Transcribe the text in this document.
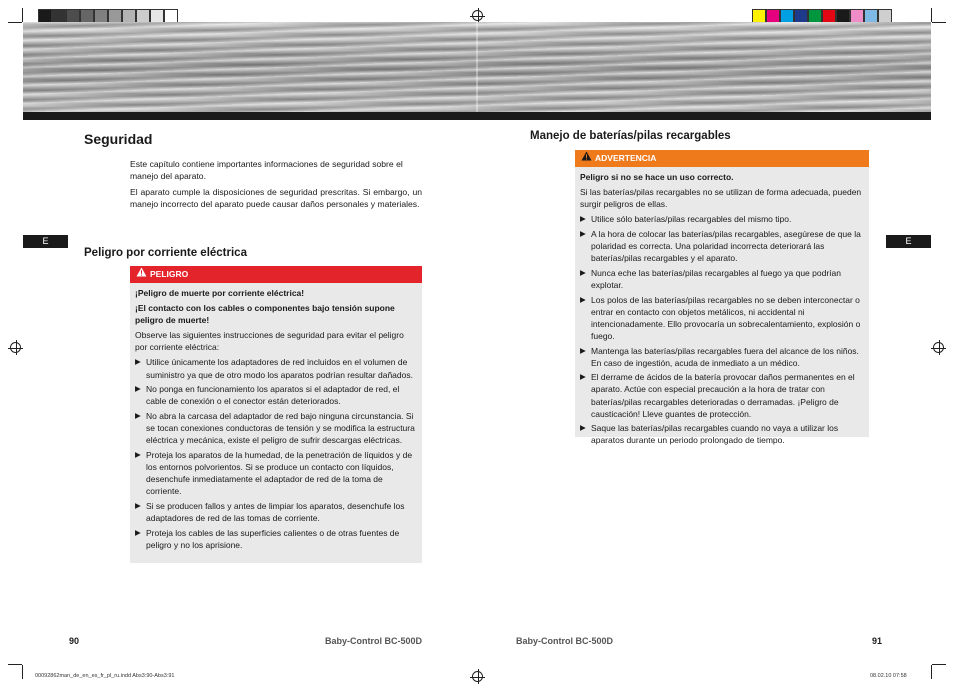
Seguridad

Este capítulo contiene importantes informaciones de seguridad sobre el manejo del aparato.

El aparato cumple la disposiciones de seguridad prescritas. Si embargo, un manejo incorrecto del aparato puede causar daños personales y materiales.

E
Peligro por corriente eléctrica
PELIGRO

¡Peligro de muerte por corriente eléctrica!

¡El contacto con los cables o componentes bajo tensión supone peligro de muerte!

Observe las siguientes instrucciones de seguridad para evitar el peligro por corriente eléctrica:

▶ Utilice únicamente los adaptadores de red incluidos en el volumen de suministro ya que de otro modo los aparatos podrían resultar dañados.
▶ No ponga en funcionamiento los aparatos si el adaptador de red, el cable de conexión o el conector están deteriorados.
▶ No abra la carcasa del adaptador de red bajo ninguna circunstancia. Si se tocan conexiones conductoras de tensión y se modifica la estructura eléctrica y mecánica, existe el peligro de sufrir descargas eléctricas.
▶ Proteja los aparatos de la humedad, de la penetración de líquidos y de los entornos polvorientos. Si se produce un contacto con líquidos, desenchufe inmediatamente el adaptador de red de la toma de corriente.
▶ Si se producen fallos y antes de limpiar los aparatos, desenchufe los adaptadores de red de las tomas de corriente.
▶ Proteja los cables de las superficies calientes o de otras fuentes de peligro y no los aprisione.
90	Baby-Control BC-500D
Manejo de baterías/pilas recargables
E
ADVERTENCIA

Peligro si no se hace un uso correcto.

Si las baterías/pilas recargables no se utilizan de forma adecuada, pueden surgir peligros de ellas.

▶ Utilice sólo baterías/pilas recargables del mismo tipo.
▶ A la hora de colocar las baterías/pilas recargables, asegúrese de que la polaridad es correcta. Una polaridad incorrecta deteriorará las baterías/pilas recargables y el aparato.
▶ Nunca eche las baterías/pilas recargables al fuego ya que podrían explotar.
▶ Los polos de las baterías/pilas recargables no se deben interconectar o entrar en contacto con objetos metálicos, ni accidental ni intencionadamente. Ello provocaría un sobrecalentamiento, explosión o fuego.
▶ Mantenga las baterías/pilas recargables fuera del alcance de los niños. En caso de ingestión, acuda de inmediato a un médico.
▶ El derrame de ácidos de la batería provocar daños permanentes en el aparato. Actúe con especial precaución a la hora de tratar con baterías/pilas recargables deterioradas o derramadas. ¡Peligro de causticación! Lleve guantes de protección.
▶ Saque las baterías/pilas recargables cuando no vaya a utilizar los aparatos durante un periodo prolongado de tiempo.
Baby-Control BC-500D	91
00092862man_de_en_es_fr_pl_ru.indd Abs3:90-Abs3:91	08.02.10 07:58
